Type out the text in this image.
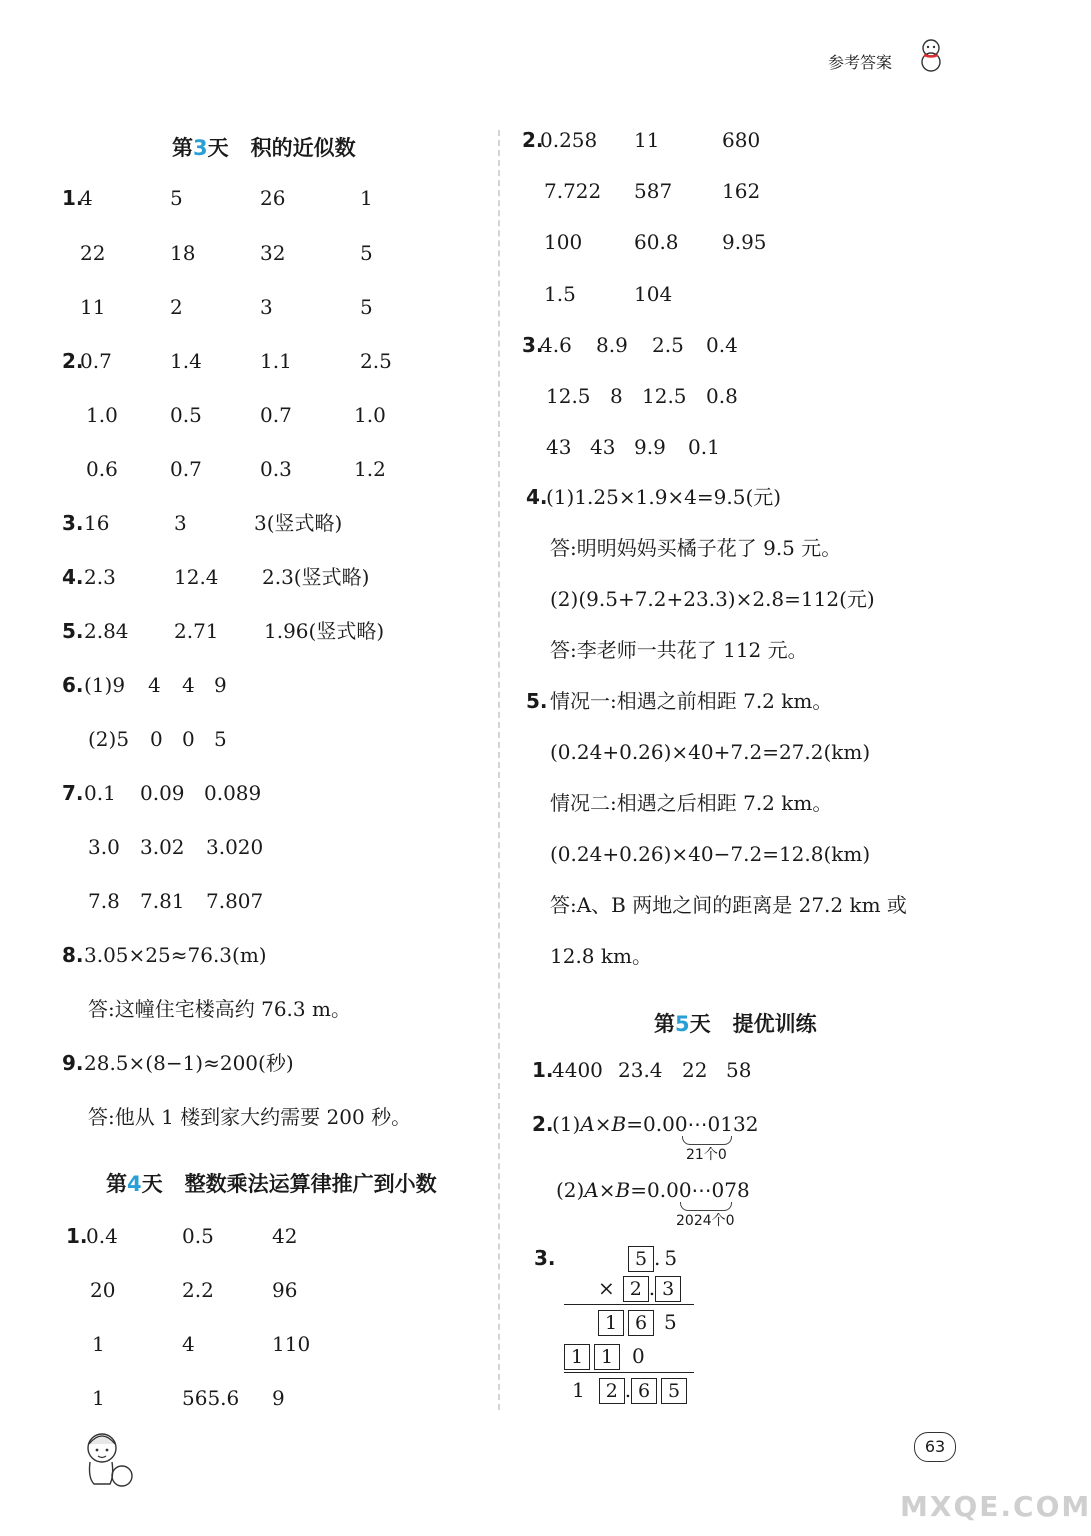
参考答案
第3天 积的近似数
1.
4	5	26	1
22	18	32	5
11	2	3	5
2.
0.7	1.4	1.1	2.5
1.0	0.5	0.7	1.0
0.6	0.7	0.3	1.2
3. 16	3	3(竖式略)
4. 2.3	12.4 2.3(竖式略)
5. 2.84 2.71 1.96(竖式略)
6. (1)9 4 4 9
(2)5 0 0 5
7. 0.1 0.09 0.089
3.0 3.02 3.020
7.8 7.81 7.807
8. 3.05×25≈76.3(m)
答:这幢住宅楼高约 76.3 m。
9. 28.5×(8−1)≈200(秒)
答:他从 1 楼到家大约需要 200 秒。
第4天 整数乘法运算律推广到小数
1.
0.4	0.5	42
20	2.2	96
1	4	110
1	565.6 9
2.
0.258 11	680
7.722 587 162
100	60.8 9.95
1.5	104
3.
4.6 8.9 2.5 0.4
12.5 8 12.5 0.8
43 43 9.9 0.1
4.
(1)1.25×1.9×4=9.5(元)
答:明明妈妈买橘子花了 9.5 元。
(2)(9.5+7.2+23.3)×2.8=112(元)
答:李老师一共花了 112 元。
5. 情况一:相遇之前相距 7.2 km。
(0.24+0.26)×40+7.2=27.2(km)
情况二:相遇之后相距 7.2 km。
(0.24+0.26)×40−7.2=12.8(km)
答:A、B 两地之间的距离是 27.2 km 或
12.8 km。
第5天 提优训练
1.
4400 23.4 22 58
2.
(1)A×B=0.00⋯0132
21个0
(2)A×B=0.00⋯078
2024个0
3.	5 . 5
× 2 . 3
1 6 5
1 1 0
1 2 . 6 5
63
MXQE.COM
